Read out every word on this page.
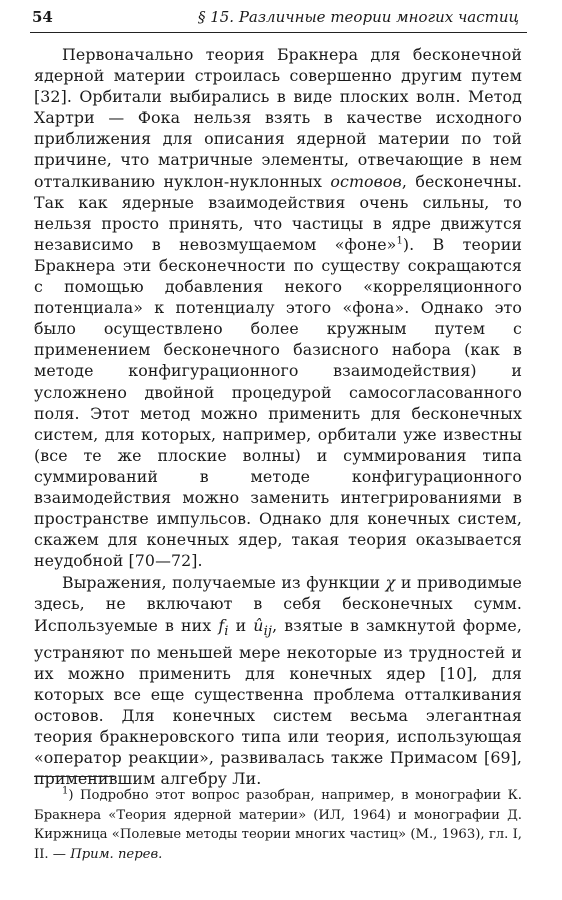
54	§ 15. Различные теории многих частиц

Первоначально теория Бракнера для бесконечной ядерной материи строилась совершенно другим путем [32]. Орбитали выбирались в виде плоских волн. Метод Хартри — Фока нельзя взять в качестве исходного приближения для описания ядерной материи по той причине, что матричные элементы, отвечающие в нем отталкиванию нуклон-нуклонных остовов, бесконечны. Так как ядерные взаимодействия очень сильны, то нельзя просто принять, что частицы в ядре движутся независимо в невозмущаемом «фоне»$^1$). В теории Бракнера эти бесконечности по существу сокращаются с помощью добавления некого «корреляционного потенциала» к потенциалу этого «фона». Однако это было осуществлено более кружным путем с применением бесконечного базисного набора (как в методе конфигурационного взаимодействия) и усложнено двойной процедурой самосогласованного поля. Этот метод можно применить для бесконечных систем, для которых, например, орбитали уже известны (все те же плоские волны) и суммирования типа суммирований в методе конфигурационного взаимодействия можно заменить интегрированиями в пространстве импульсов. Однако для конечных систем, скажем для конечных ядер, такая теория оказывается неудобной [70—72].

Выражения, получаемые из функции χ и приводимые здесь, не включают в себя бесконечных сумм. Используемые в них $f_i$ и $û_{ij}$, взятые в замкнутой форме, устраняют по меньшей мере некоторые из трудностей и их можно применить для конечных ядер [10], для которых все еще существенна проблема отталкивания остовов. Для конечных систем весьма элегантная теория бракнеровского типа или теория, использующая «оператор реакции», развивалась также Примасом [69], применившим алгебру Ли.

$^1$) Подробно этот вопрос разобран, например, в монографии К. Бракнера «Теория ядерной материи» (ИЛ, 1964) и монографии Д. Киржница «Полевые методы теории многих частиц» (М., 1963), гл. I, II. — Прим. перев.
